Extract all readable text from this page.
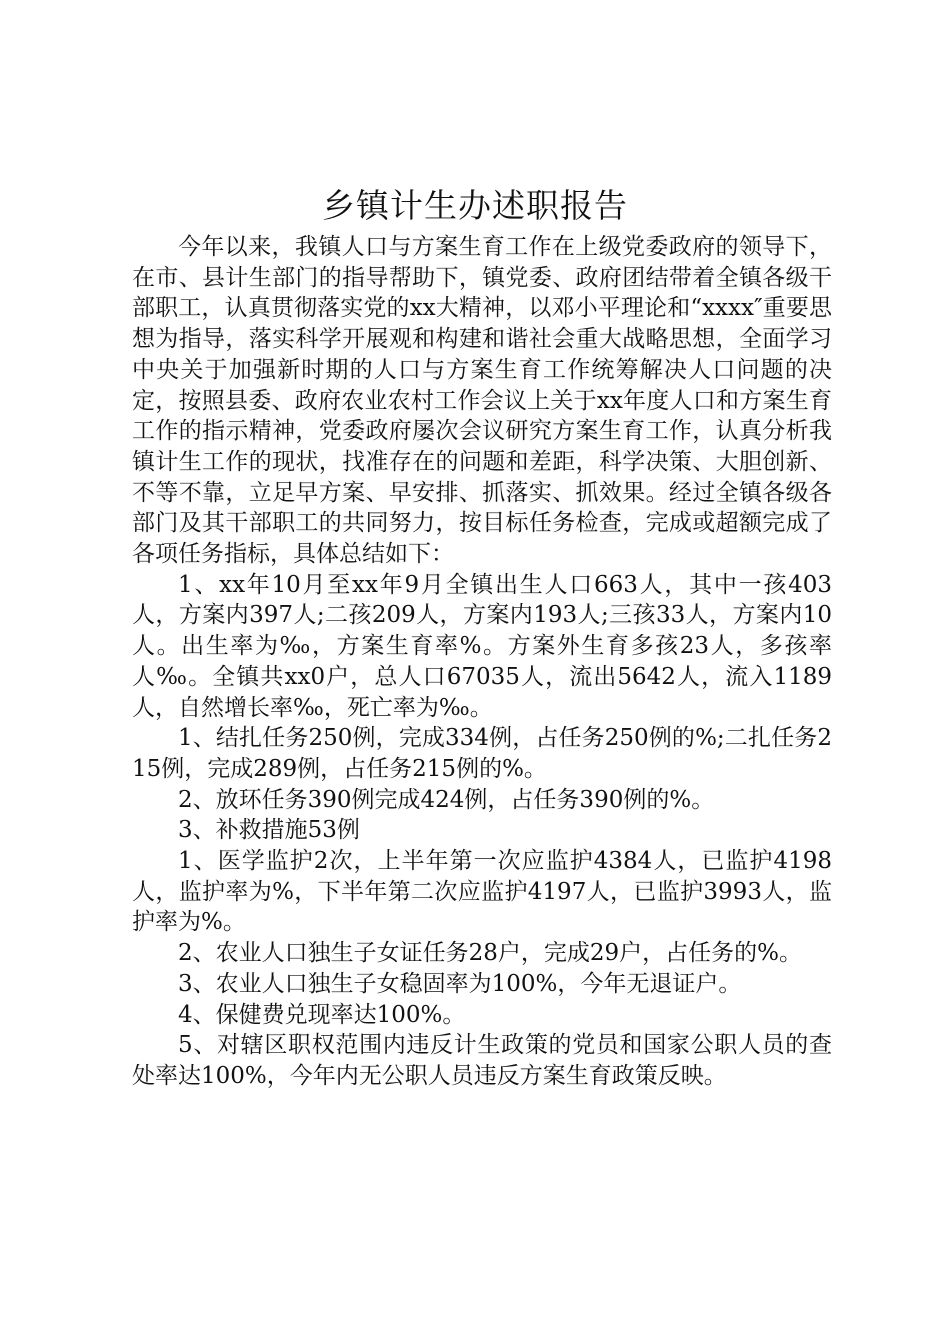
乡镇计生办述职报告

今年以来，我镇人口与方案生育工作在上级党委政府的领导下，在市、县计生部门的指导帮助下，镇党委、政府团结带着全镇各级干部职工，认真贯彻落实党的xx大精神，以邓小平理论和“xxxx″重要思想为指导，落实科学开展观和构建和谐社会重大战略思想，全面学习中央关于加强新时期的人口与方案生育工作统筹解决人口问题的决定，按照县委、政府农业农村工作会议上关于xx年度人口和方案生育工作的指示精神，党委政府屡次会议研究方案生育工作，认真分析我镇计生工作的现状，找准存在的问题和差距，科学决策、大胆创新、不等不靠，立足早方案、早安排、抓落实、抓效果。经过全镇各级各部门及其干部职工的共同努力，按目标任务检查，完成或超额完成了各项任务指标，具体总结如下：

1、xx年10月至xx年9月全镇出生人口663人，其中一孩403人，方案内397人;二孩209人，方案内193人;三孩33人，方案内10人。出生率为‰，方案生育率%。方案外生育多孩23人，多孩率人‰。全镇共xx0户，总人口67035人，流出5642人，流入1189人，自然增长率‰，死亡率为‰。

1、结扎任务250例，完成334例，占任务250例的%;二扎任务215例，完成289例，占任务215例的%。

2、放环任务390例完成424例，占任务390例的%。

3、补救措施53例

1、医学监护2次，上半年第一次应监护4384人，已监护4198人，监护率为%，下半年第二次应监护4197人，已监护3993人，监护率为%。

2、农业人口独生子女证任务28户，完成29户，占任务的%。

3、农业人口独生子女稳固率为100%，今年无退证户。

4、保健费兑现率达100%。

5、对辖区职权范围内违反计生政策的党员和国家公职人员的查处率达100%，今年内无公职人员违反方案生育政策反映。
